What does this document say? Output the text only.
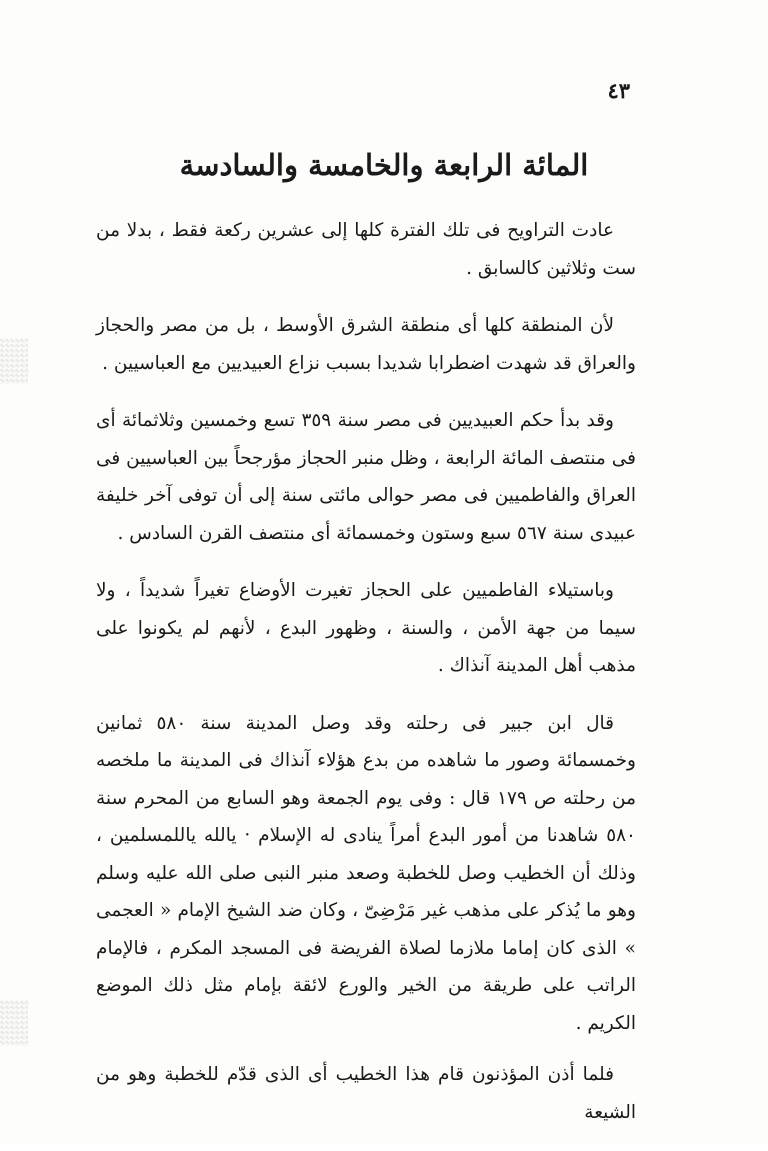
٤٣
المائة الرابعة والخامسة والسادسة

عادت التراويح فى تلك الفترة كلها إلى عشرين ركعة فقط ، بدلا من ست وثلاثين كالسابق .

لأن المنطقة كلها أى منطقة الشرق الأوسط ، بل من مصر والحجاز والعراق قد شهدت اضطرابا شديدا بسبب نزاع العبيديين مع العباسيين .

وقد بدأ حكم العبيديين فى مصر سنة ٣٥٩ تسع وخمسين وثلاثمائة أى فى منتصف المائة الرابعة ، وظل منبر الحجاز مؤرجحاً بين العباسيين فى العراق والفاطميين فى مصر حوالى مائتى سنة إلى أن توفى آخر خليفة عبيدى سنة ٥٦٧ سبع وستون وخمسمائة أى منتصف القرن السادس .

وباستيلاء الفاطميين على الحجاز تغيرت الأوضاع تغيراً شديداً ، ولا سيما من جهة الأمن ، والسنة ، وظهور البدع ، لأنهم لم يكونوا على مذهب أهل المدينة آنذاك .

قال ابن جبير فى رحلته وقد وصل المدينة سنة ٥٨٠ ثمانين وخمسمائة وصور ما شاهده من بدع هؤلاء آنذاك فى المدينة ما ملخصه من رحلته ص ١٧٩ قال : وفى يوم الجمعة وهو السابع من المحرم سنة ٥٨٠ شاهدنا من أمور البدع أمراً ينادى له الإسلام · يالله ياللمسلمين ، وذلك أن الخطيب وصل للخطبة وصعد منبر النبى صلى الله عليه وسلم وهو ما يُذكر على مذهب غير مَرْضِىّ ، وكان ضد الشيخ الإمام « العجمى » الذى كان إماما ملازما لصلاة الفريضة فى المسجد المكرم ، فالإمام الراتب على طريقة من الخير والورع لائقة بإمام مثل ذلك الموضع الكريم .

فلما أذن المؤذنون قام هذا الخطيب أى الذى قدّم للخطبة وهو من الشيعة
